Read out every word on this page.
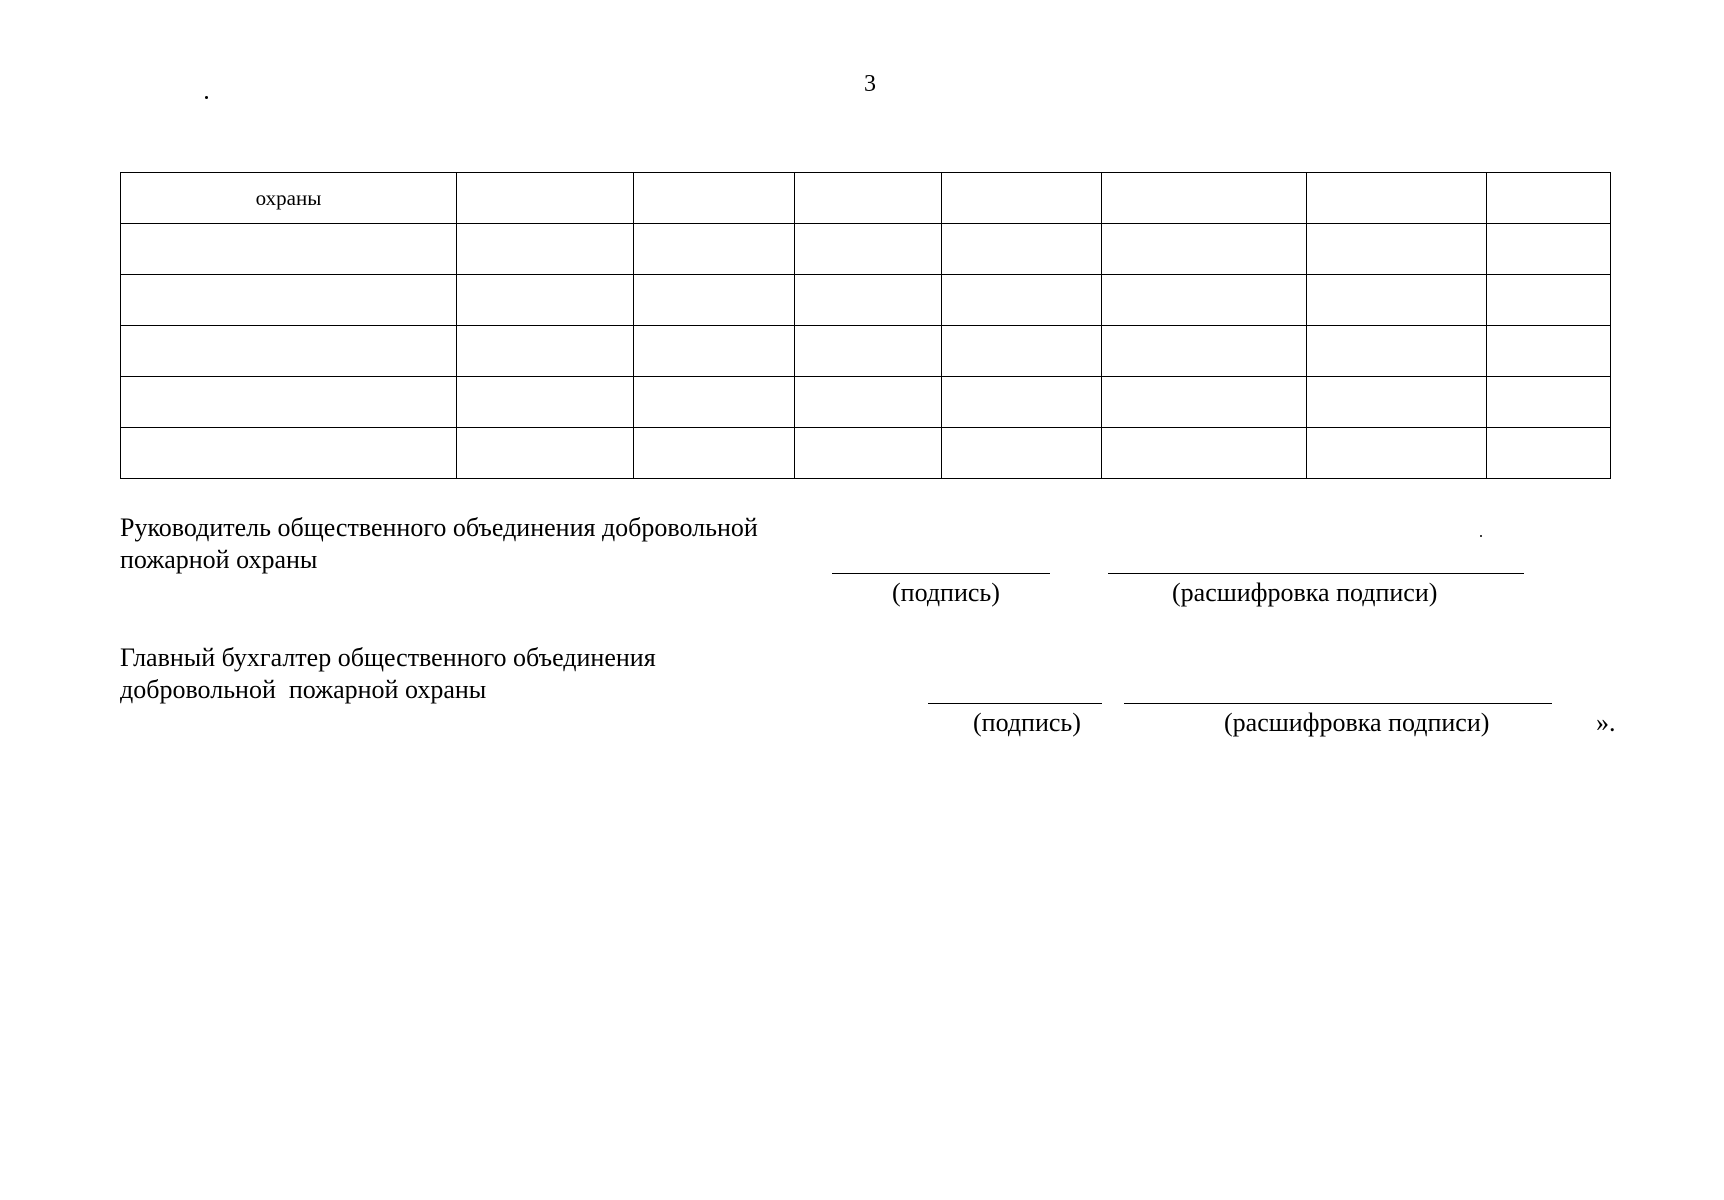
3
охраны							

Руководитель общественного объединения добровольной
пожарной охраны
(подпись)	(расшифровка подписи)
Главный бухгалтер общественного объединения
добровольной  пожарной охраны
(подпись)	(расшифровка подписи)	».
